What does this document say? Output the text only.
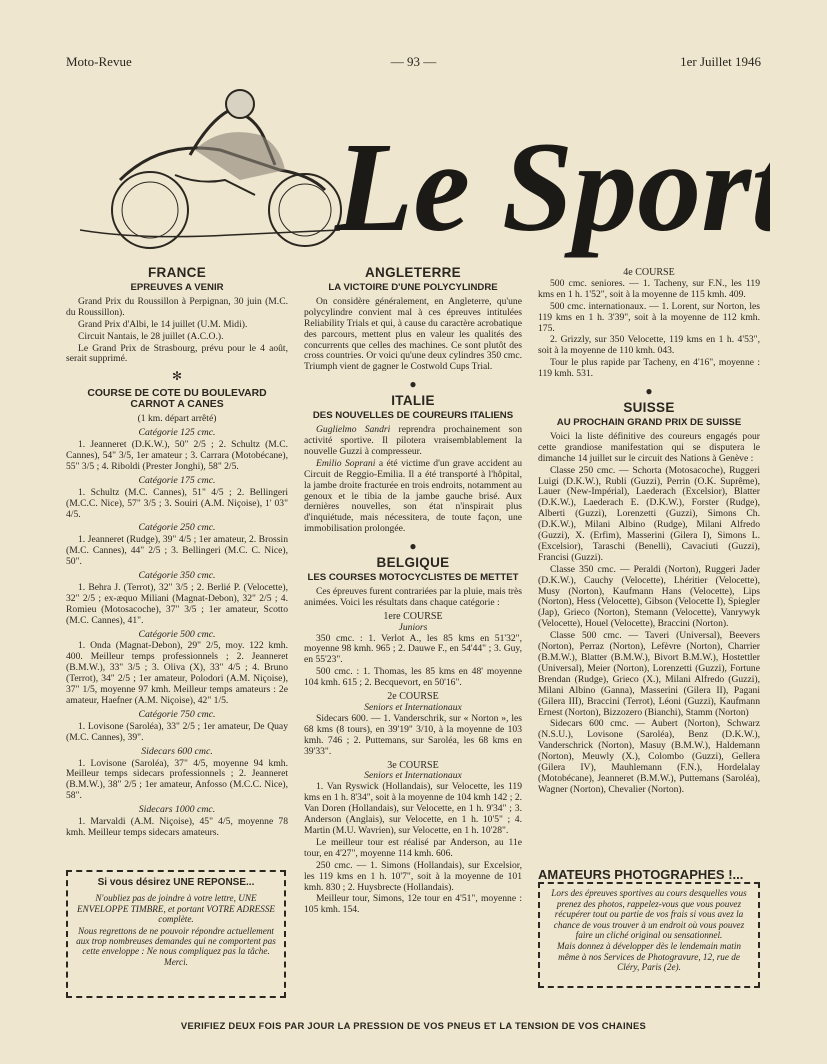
Moto-Revue	— 93 —	1er Juillet 1946
Le Sport
FRANCE
EPREUVES A VENIR

Grand Prix du Roussillon à Perpignan, 30 juin (M.C. du Roussillon).

Grand Prix d'Albi, le 14 juillet (U.M. Midi).

Circuit Nantais, le 28 juillet (A.C.O.).

Le Grand Prix de Strasbourg, prévu pour le 4 août, serait supprimé.

✻
COURSE DE COTE DU BOULEVARD CARNOT A CANES
(1 km. départ arrêté)
Catégorie 125 cmc.

1. Jeanneret (D.K.W.), 50" 2/5 ; 2. Schultz (M.C. Cannes), 54" 3/5, 1er amateur ; 3. Carrara (Motobécane), 55" 3/5 ; 4. Riboldi (Prester Jonghi), 58" 2/5.

Catégorie 175 cmc.

1. Schultz (M.C. Cannes), 51" 4/5 ; 2. Bellingeri (M.C.C. Nice), 57" 3/5 ; 3. Souiri (A.M. Niçoise), 1' 03" 4/5.

Catégorie 250 cmc.

1. Jeanneret (Rudge), 39" 4/5 ; 1er amateur, 2. Brossin (M.C. Cannes), 44" 2/5 ; 3. Bellingeri (M.C. C. Nice), 50".

Catégorie 350 cmc.

1. Behra J. (Terrot), 32" 3/5 ; 2. Berlié P. (Velocette), 32" 2/5 ; ex-æquo Miliani (Magnat-Debon), 32" 2/5 ; 4. Romieu (Motosacoche), 37" 3/5 ; 1er amateur, Scotto (M.C. Cannes), 41".

Catégorie 500 cmc.

1. Onda (Magnat-Debon), 29" 2/5, moy. 122 kmh. 400. Meilleur temps professionnels ; 2. Jeanneret (B.M.W.), 33" 3/5 ; 3. Oliva (X), 33" 4/5 ; 4. Bruno (Terrot), 34" 2/5 ; 1er amateur, Polodori (A.M. Niçoise), 37" 1/5, moyenne 97 kmh. Meilleur temps amateurs : 2e amateur, Haefner (A.M. Niçoise), 42" 1/5.

Catégorie 750 cmc.

1. Lovisone (Saroléa), 33" 2/5 ; 1er amateur, De Quay (M.C. Cannes), 39".

Sidecars 600 cmc.

1. Lovisone (Saroléa), 37" 4/5, moyenne 94 kmh. Meilleur temps sidecars professionnels ; 2. Jeanneret (B.M.W.), 38" 2/5 ; 1er amateur, Anfosso (M.C.C. Nice), 58".

Sidecars 1000 cmc.

1. Marvaldi (A.M. Niçoise), 45" 4/5, moyenne 78 kmh. Meilleur temps sidecars amateurs.

Si vous désirez UNE REPONSE...

N'oubliez pas de joindre à votre lettre, UNE ENVELOPPE TIMBRE, et portant VOTRE ADRESSE complète.

Nous regrettons de ne pouvoir répondre actuellement aux trop nombreuses demandes qui ne comportent pas cette enveloppe : Ne nous compliquez pas la tâche. Merci.

ANGLETERRE
LA VICTOIRE D'UNE POLYCYLINDRE

On considère généralement, en Angleterre, qu'une polycylindre convient mal à ces épreuves intitulées Reliability Trials et qui, à cause du caractère acrobatique des parcours, mettent plus en valeur les qualités des concurrents que celles des machines. Ce sont plutôt des cross countries. Or voici qu'une deux cylindres 350 cmc. Triumph vient de gagner le Costwold Cups Trial.

●
ITALIE
DES NOUVELLES DE COUREURS ITALIENS

Guglielmo Sandri reprendra prochainement son activité sportive. Il pilotera vraisemblablement la nouvelle Guzzi à compresseur.

Emilio Soprani a été victime d'un grave accident au Circuit de Reggio-Emilia. Il a été transporté à l'hôpital, la jambe droite fracturée en trois endroits, notamment au genoux et le tibia de la jambe gauche brisé. Aux dernières nouvelles, son état n'inspirait plus d'inquiétude, mais nécessitera, de toute façon, une immobilisation prolongée.

●
BELGIQUE
LES COURSES MOTOCYCLISTES DE METTET

Ces épreuves furent contrariées par la pluie, mais très animées. Voici les résultats dans chaque catégorie :

1ere COURSE
Juniors

350 cmc. : 1. Verlot A., les 85 kms en 51'32", moyenne 98 kmh. 965 ; 2. Dauwe F., en 54'44" ; 3. Guy, en 55'23".

500 cmc. : 1. Thomas, les 85 kms en 48' moyenne 104 kmh. 615 ; 2. Becquevort, en 50'16".

2e COURSE
Seniors et Internationaux

Sidecars 600. — 1. Vanderschrik, sur « Norton », les 68 kms (8 tours), en 39'19" 3/10, à la moyenne de 103 kmh. 746 ; 2. Puttemans, sur Saroléa, les 68 kms en 39'33".

3e COURSE
Seniors et Internationaux

1. Van Ryswick (Hollandais), sur Velocette, les 119 kms en 1 h. 8'34", soit à la moyenne de 104 kmh 142 ; 2. Van Doren (Hollandais), sur Velocette, en 1 h. 9'34" ; 3. Anderson (Anglais), sur Velocette, en 1 h. 10'5" ; 4. Martin (M.U. Wavrien), sur Velocette, en 1 h. 10'28".

Le meilleur tour est réalisé par Anderson, au 11e tour, en 4'27", moyenne 114 kmh. 606.

250 cmc. — 1. Simons (Hollandais), sur Excelsior, les 119 kms en 1 h. 10'7", soit à la moyenne de 101 kmh. 830 ; 2. Huysbrecte (Hollandais).

Meilleur tour, Simons, 12e tour en 4'51", moyenne : 105 kmh. 154.

4e COURSE

500 cmc. seniores. — 1. Tacheny, sur F.N., les 119 kms en 1 h. 1'52", soit à la moyenne de 115 kmh. 409.

500 cmc. internationaux. — 1. Lorent, sur Norton, les 119 kms en 1 h. 3'39", soit à la moyenne de 112 kmh. 175.

2. Grizzly, sur 350 Velocette, 119 kms en 1 h. 4'53", soit à la moyenne de 110 kmh. 043.

Tour le plus rapide par Tacheny, en 4'16", moyenne : 119 kmh. 531.

●
SUISSE
AU PROCHAIN GRAND PRIX DE SUISSE

Voici la liste définitive des coureurs engagés pour cette grandiose manifestation qui se disputera le dimanche 14 juillet sur le circuit des Nations à Genève :

Classe 250 cmc. — Schorta (Motosacoche), Ruggeri Luigi (D.K.W.), Rubli (Guzzi), Perrin (O.K. Suprême), Lauer (New-Impérial), Laederach (Excelsior), Blatter (D.K.W.), Laederach E. (D.K.W.), Forster (Rudge), Alberti (Guzzi), Lorenzetti (Guzzi), Simons Ch. (D.K.W.), Milani Albino (Rudge), Milani Alfredo (Guzzi), X. (Erfim), Masserini (Gilera I), Simons L. (Excelsior), Taraschi (Benelli), Cavaciuti (Guzzi), Francisi (Guzzi).

Classe 350 cmc. — Peraldi (Norton), Ruggeri Jader (D.K.W.), Cauchy (Velocette), Lhéritier (Velocette), Musy (Norton), Kaufmann Hans (Velocette), Lips (Norton), Hess (Velocette), Gibson (Velocette I), Spiegler (Jap), Grieco (Norton), Stemann (Velocette), Vanrywyk (Velocette), Houel (Velocette), Braccini (Norton).

Classe 500 cmc. — Taveri (Universal), Beevers (Norton), Perraz (Norton), Lefèvre (Norton), Charrier (B.M.W.), Blatter (B.M.W.), Bivort B.M.W.), Hostettler (Universal), Meier (Norton), Lorenzetti (Guzzi), Fortune Brendan (Rudge), Grieco (X.), Milani Alfredo (Guzzi), Milani Albino (Ganna), Masserini (Gilera II), Pagani (Gilera III), Braccini (Terrot), Léoni (Guzzi), Kaufmann Ernest (Norton), Bizzozero (Bianchi), Stamm (Norton)

Sidecars 600 cmc. — Aubert (Norton), Schwarz (N.S.U.), Lovisone (Saroléa), Benz (D.K.W.), Vanderschrick (Norton), Masuy (B.M.W.), Haldemann (Norton), Meuwly (X.), Colombo (Guzzi), Gellera (Gilera IV), Mauhlemann (F.N.), Hordelalay (Motobécane), Jeanneret (B.M.W.), Puttemans (Saroléa), Wagner (Norton), Chevalier (Norton).

AMATEURS PHOTOGRAPHES !...

Lors des épreuves sportives au cours desquelles vous prenez des photos, rappelez-vous que vous pouvez récupérer tout ou partie de vos frais si vous avez la chance de vous trouver à un endroit où vous pouvez faire un cliché original ou sensationnel.

Mais donnez à développer dès le lendemain matin même à nos Services de Photogravure, 12, rue de Cléry, Paris (2e).

VERIFIEZ DEUX FOIS PAR JOUR LA PRESSION DE VOS PNEUS ET LA TENSION DE VOS CHAINES
